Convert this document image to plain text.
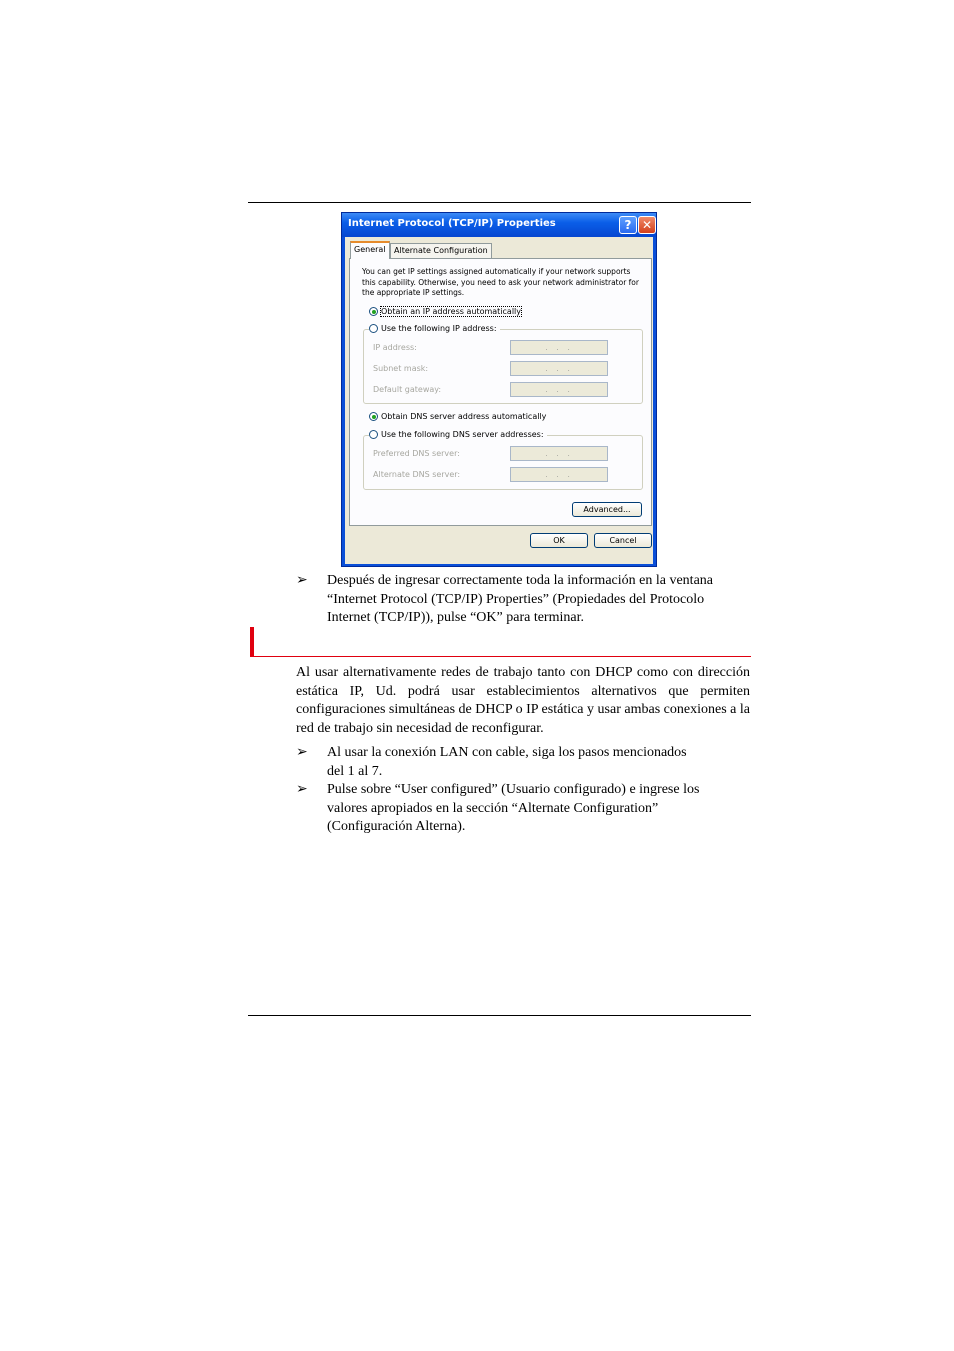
Internet Protocol (TCP/IP) Properties	? ✕
General	Alternate Configuration
You can get IP settings assigned automatically if your network supports this capability. Otherwise, you need to ask your network administrator for the appropriate IP settings.
Obtain an IP address automatically
IP address:	. . .
Subnet mask:	. . .
Default gateway:	. . .
Use the following IP address:
Obtain DNS server address automatically
Preferred DNS server:	. . .
Alternate DNS server:	. . .
Use the following DNS server addresses:
Advanced...
OK	Cancel
➢ Después de ingresar correctamente toda la información en la ventana “Internet Protocol (TCP/IP) Properties” (Propiedades del Protocolo Internet (TCP/IP)), pulse “OK” para terminar.
Al usar alternativamente redes de trabajo tanto con DHCP como con dirección estática IP, Ud. podrá usar establecimientos alternativos que permiten configuraciones simultáneas de DHCP o IP estática y usar ambas conexiones a la red de trabajo sin necesidad de reconfigurar.
➢ Al usar la conexión LAN con cable, siga los pasos mencionados del 1 al 7.
➢ Pulse sobre “User configured” (Usuario configurado) e ingrese los valores apropiados en la sección “Alternate Configuration” (Configuración Alterna).
